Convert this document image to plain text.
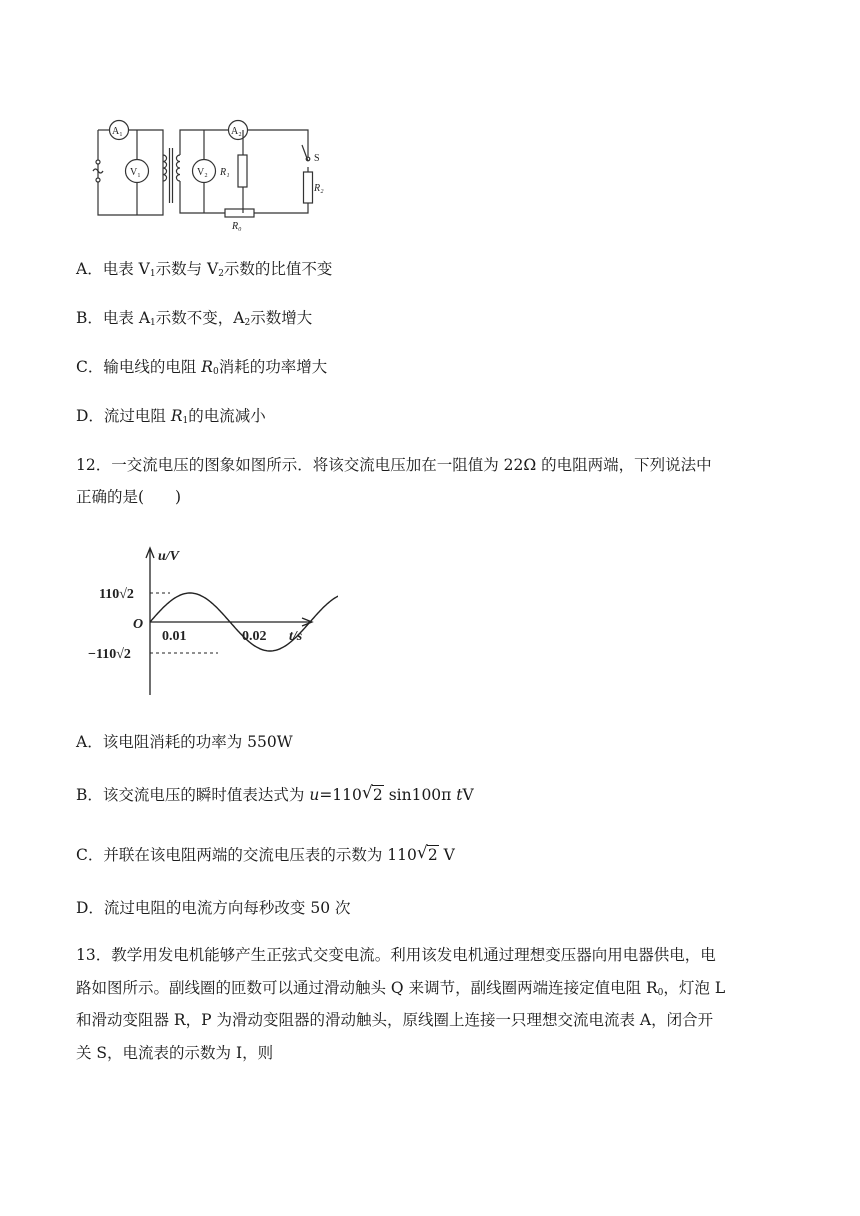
A₁
V₁	V₂
A₂
R₁
R₂
R₀
S
A．电表 $V_1$示数与 $V_2$示数的比值不变
B．电表 $A_1$示数不变，$A_2$示数增大
C．输电线的电阻 $R_0$消耗的功率增大
D．流过电阻 $R_1$的电流减小
12．一交流电压的图象如图所示．将该交流电压加在一阻值为 22Ω 的电阻两端，下列说法中
正确的是(　　)
u/V
O
110√2
−110√2
0.01	0.02 t/s
A．该电阻消耗的功率为 550W
B．该交流电压的瞬时值表达式为 u=110 √ 2 sin100π tV
C．并联在该电阻两端的交流电压表的示数为 110 √ 2 V
D．流过电阻的电流方向每秒改变 50 次
13．教学用发电机能够产生正弦式交变电流。利用该发电机通过理想变压器向用电器供电，电
路如图所示。副线圈的匝数可以通过滑动触头 Q 来调节，副线圈两端连接定值电阻 $R_0$，灯泡 L
和滑动变阻器 R，P 为滑动变阻器的滑动触头，原线圈上连接一只理想交流电流表 A，闭合开
关 S，电流表的示数为 I，则
